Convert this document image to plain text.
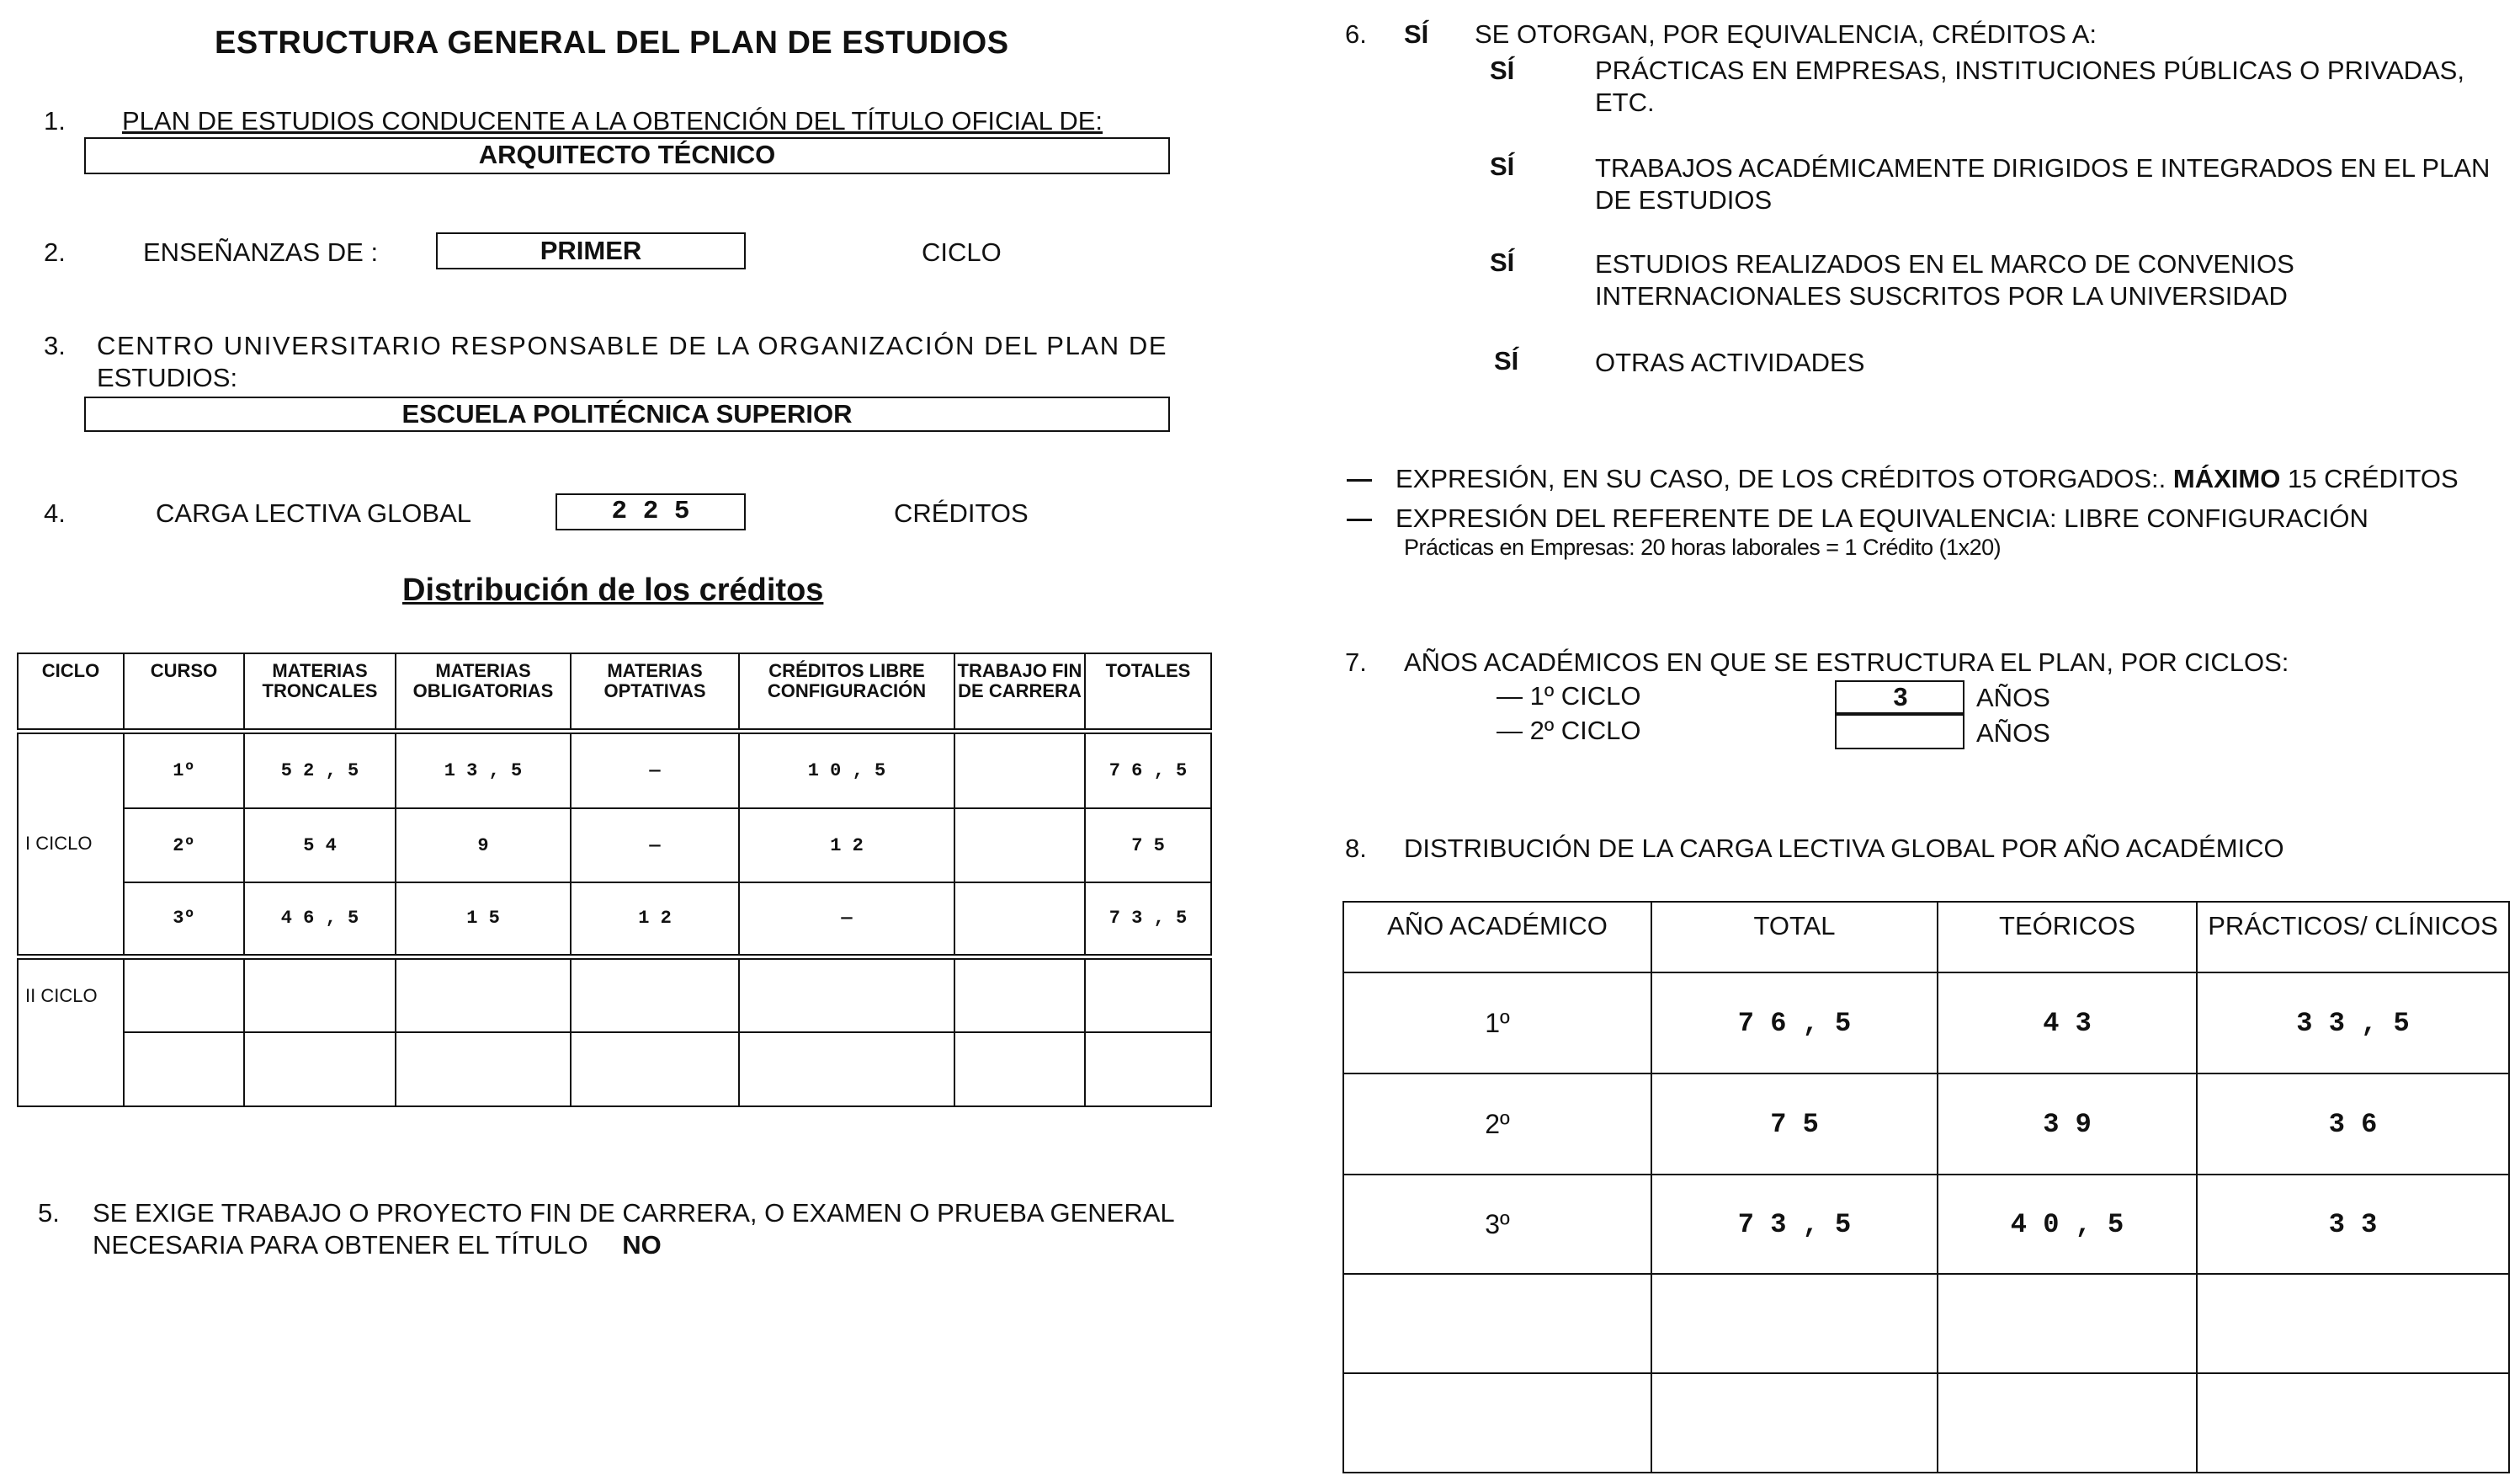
ESTRUCTURA GENERAL DEL PLAN DE ESTUDIOS
1. PLAN DE ESTUDIOS CONDUCENTE A LA OBTENCIÓN DEL TÍTULO OFICIAL DE:
ARQUITECTO TÉCNICO
2.	ENSEÑANZAS DE :	PRIMER	CICLO
3. CENTRO UNIVERSITARIO RESPONSABLE DE LA ORGANIZACIÓN DEL PLAN DE
ESTUDIOS:
ESCUELA POLITÉCNICA SUPERIOR
4.	CARGA LECTIVA GLOBAL	2 2 5	CRÉDITOS
Distribución de los créditos
CICLO	CURSO	MATERIAS TRONCALES	MATERIAS OBLIGATORIAS	MATERIAS OPTATIVAS	CRÉDITOS LIBRE CONFIGURACIÓN	TRABAJO FIN DE CARRERA	TOTALES
I CICLO	1º	5 2 , 5	1 3 , 5	—	1 0 , 5		7 6 , 5
	2º	5 4	9	—	1 2		7 5
	3º	4 6 , 5	1 5	1 2	—		7 3 , 5
II CICLO							

5. SE EXIGE TRABAJO O PROYECTO FIN DE CARRERA, O EXAMEN O PRUEBA GENERAL
NECESARIA PARA OBTENER EL TÍTULO NO
6. SÍ SE OTORGAN, POR EQUIVALENCIA, CRÉDITOS A:
SÍ	PRÁCTICAS EN EMPRESAS, INSTITUCIONES PÚBLICAS O PRIVADAS,
ETC.
SÍ	TRABAJOS ACADÉMICAMENTE DIRIGIDOS E INTEGRADOS EN EL PLAN
DE ESTUDIOS
SÍ	ESTUDIOS REALIZADOS EN EL MARCO DE CONVENIOS
INTERNACIONALES SUSCRITOS POR LA UNIVERSIDAD
SÍ	OTRAS ACTIVIDADES
EXPRESIÓN, EN SU CASO, DE LOS CRÉDITOS OTORGADOS:. MÁXIMO 15 CRÉDITOS
EXPRESIÓN DEL REFERENTE DE LA EQUIVALENCIA: LIBRE CONFIGURACIÓN
Prácticas en Empresas: 20 horas laborales = 1 Crédito (1x20)
7. AÑOS ACADÉMICOS EN QUE SE ESTRUCTURA EL PLAN, POR CICLOS:
— 1º CICLO	3	AÑOS
— 2º CICLO	AÑOS
8. DISTRIBUCIÓN DE LA CARGA LECTIVA GLOBAL POR AÑO ACADÉMICO
AÑO ACADÉMICO	TOTAL	TEÓRICOS	PRÁCTICOS/ CLÍNICOS
1º	7 6 , 5	4 3	3 3 , 5
2º	7 5	3 9	3 6
3º	7 3 , 5	4 0 , 5	3 3
